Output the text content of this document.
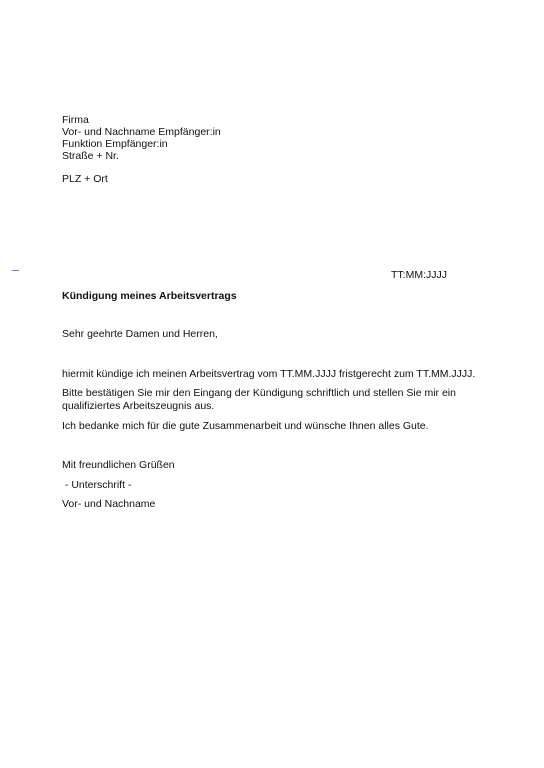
Firma
Vor- und Nachname Empfänger:in
Funktion Empfänger:in
Straße + Nr.
PLZ + Ort
TT:MM:JJJJ
Kündigung meines Arbeitsvertrags
Sehr geehrte Damen und Herren,
hiermit kündige ich meinen Arbeitsvertrag vom TT.MM.JJJJ fristgerecht zum TT.MM.JJJJ.
Bitte bestätigen Sie mir den Eingang der Kündigung schriftlich und stellen Sie mir ein
qualifiziertes Arbeitszeugnis aus.
Ich bedanke mich für die gute Zusammenarbeit und wünsche Ihnen alles Gute.
Mit freundlichen Grüßen
- Unterschrift -
Vor- und Nachname
